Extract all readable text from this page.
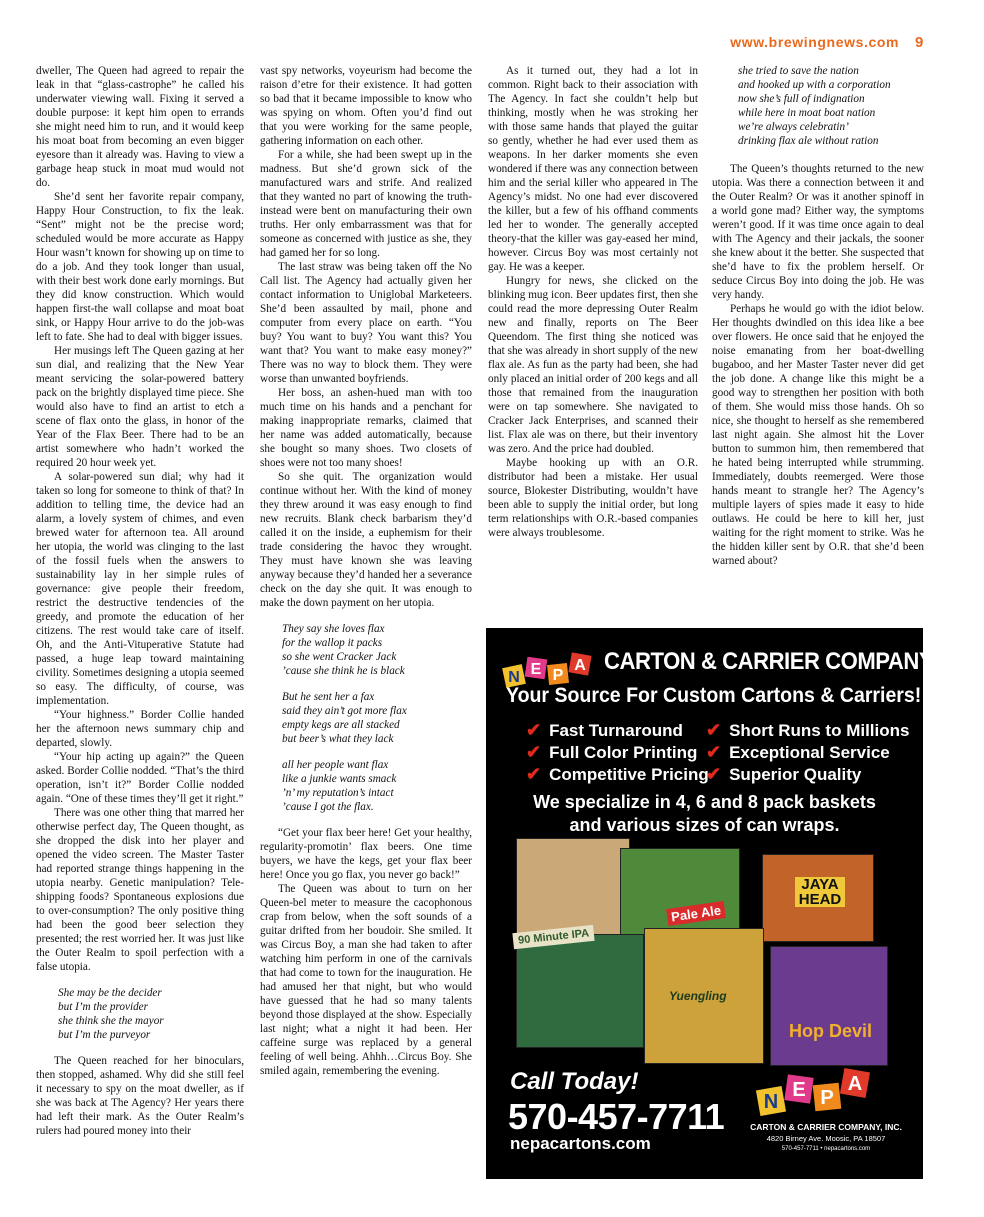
www.brewingnews.com 9

dweller, The Queen had agreed to repair the leak in that “glass-castrophe” he called his underwater viewing wall. Fixing it served a double purpose: it kept him open to errands she might need him to run, and it would keep his moat boat from becoming an even bigger eyesore than it already was. Having to view a garbage heap stuck in moat mud would not do.

She’d sent her favorite repair company, Happy Hour Construction, to fix the leak. “Sent” might not be the precise word; scheduled would be more accurate as Happy Hour wasn’t known for showing up on time to do a job. And they took longer than usual, with their best work done early mornings. But they did know construction. Which would happen first-the wall collapse and moat boat sink, or Happy Hour arrive to do the job-was left to fate. She had to deal with bigger issues.

Her musings left The Queen gazing at her sun dial, and realizing that the New Year meant servicing the solar-powered battery pack on the brightly displayed time piece. She would also have to find an artist to etch a scene of flax onto the glass, in honor of the Year of the Flax Beer. There had to be an artist somewhere who hadn’t worked the required 20 hour week yet.

A solar-powered sun dial; why had it taken so long for someone to think of that? In addition to telling time, the device had an alarm, a lovely system of chimes, and even brewed water for afternoon tea. All around her utopia, the world was clinging to the last of the fossil fuels when the answers to sustainability lay in her simple rules of governance: give people their freedom, restrict the destructive tendencies of the greedy, and promote the education of her citizens. The rest would take care of itself. Oh, and the Anti-Vituperative Statute had passed, a huge leap toward maintaining civility. Sometimes designing a utopia seemed so easy. The difficulty, of course, was implementation.

“Your highness.” Border Collie handed her the afternoon news summary chip and departed, slowly.

“Your hip acting up again?” the Queen asked. Border Collie nodded. “That’s the third operation, isn’t it?” Border Collie nodded again. “One of these times they’ll get it right.”

There was one other thing that marred her otherwise perfect day, The Queen thought, as she dropped the disk into her player and opened the video screen. The Master Taster had reported strange things happening in the utopia nearby. Genetic manipulation? Tele-shipping foods? Spontaneous explosions due to over-consumption? The only positive thing had been the good beer selection they presented; the rest worried her. It was just like the Outer Realm to spoil perfection with a false utopia.

She may be the decider
but I’m the provider
she think she the mayor
but I’m the purveyor

The Queen reached for her binoculars, then stopped, ashamed. Why did she still feel it necessary to spy on the moat dweller, as if she was back at The Agency? Her years there had left their mark. As the Outer Realm’s rulers had poured money into their

vast spy networks, voyeurism had become the raison d’etre for their existence. It had gotten so bad that it became impossible to know who was spying on whom. Often you’d find out that you were working for the same people, gathering information on each other.

For a while, she had been swept up in the madness. But she’d grown sick of the manufactured wars and strife. And realized that they wanted no part of knowing the truth-instead were bent on manufacturing their own truths. Her only embarrassment was that for someone as concerned with justice as she, they had gamed her for so long.

The last straw was being taken off the No Call list. The Agency had actually given her contact information to Uniglobal Marketeers. She’d been assaulted by mail, phone and computer from every place on earth. “You buy? You want to buy? You want this? You want that? You want to make easy money?” There was no way to block them. They were worse than unwanted boyfriends.

Her boss, an ashen-hued man with too much time on his hands and a penchant for making inappropriate remarks, claimed that her name was added automatically, because she bought so many shoes. Two closets of shoes were not too many shoes!

So she quit. The organization would continue without her. With the kind of money they threw around it was easy enough to find new recruits. Blank check barbarism they’d called it on the inside, a euphemism for their trade considering the havoc they wrought. They must have known she was leaving anyway because they’d handed her a severance check on the day she quit. It was enough to make the down payment on her utopia.

They say she loves flax
for the wallop it packs
so she went Cracker Jack
’cause she think he is black
But he sent her a fax
said they ain’t got more flax
empty kegs are all stacked
but beer’s what they lack
all her people want flax
like a junkie wants smack
’n’ my reputation’s intact
’cause I got the flax.

“Get your flax beer here! Get your healthy, regularity-promotin’ flax beers. One time buyers, we have the kegs, get your flax beer here! Once you go flax, you never go back!”

The Queen was about to turn on her Queen-bel meter to measure the cacophonous crap from below, when the soft sounds of a guitar drifted from her boudoir. She smiled. It was Circus Boy, a man she had taken to after watching him perform in one of the carnivals that had come to town for the inauguration. He had amused her that night, but who would have guessed that he had so many talents beyond those displayed at the show. Especially last night; what a night it had been. Her caffeine surge was replaced by a general feeling of well being. Ahhh…Circus Boy. She smiled again, remembering the evening.

As it turned out, they had a lot in common. Right back to their association with The Agency. In fact she couldn’t help but thinking, mostly when he was stroking her with those same hands that played the guitar so gently, whether he had ever used them as weapons. In her darker moments she even wondered if there was any connection between him and the serial killer who appeared in The Agency’s midst. No one had ever discovered the killer, but a few of his offhand comments led her to wonder. The generally accepted theory-that the killer was gay-eased her mind, however. Circus Boy was most certainly not gay. He was a keeper.

Hungry for news, she clicked on the blinking mug icon. Beer updates first, then she could read the more depressing Outer Realm new and finally, reports on The Beer Queendom. The first thing she noticed was that she was already in short supply of the new flax ale. As fun as the party had been, she had only placed an initial order of 200 kegs and all those that remained from the inauguration were on tap somewhere. She navigated to Cracker Jack Enterprises, and scanned their list. Flax ale was on there, but their inventory was zero. And the price had doubled.

Maybe hooking up with an O.R. distributor had been a mistake. Her usual source, Blokester Distributing, wouldn’t have been able to supply the initial order, but long term relationships with O.R.-based companies were always troublesome.

she tried to save the nation
and hooked up with a corporation
now she’s full of indignation
while here in moat boat nation
we’re always celebratin’
drinking flax ale without ration

The Queen’s thoughts returned to the new utopia. Was there a connection between it and the Outer Realm? Or was it another spinoff in a world gone mad? Either way, the symptoms weren’t good. If it was time once again to deal with The Agency and their jackals, the sooner she knew about it the better. She suspected that she’d have to fix the problem herself. Or seduce Circus Boy into doing the job. He was very handy.

Perhaps he would go with the idiot below. Her thoughts dwindled on this idea like a bee over flowers. He once said that he enjoyed the noise emanating from her boat-dwelling bugaboo, and her Master Taster never did get the job done. A change like this might be a good way to strengthen her position with both of them. She would miss those hands. Oh so nice, she thought to herself as she remembered last night again. She almost hit the Lover button to summon him, then remembered that he hated being interrupted while strumming. Immediately, doubts reemerged. Were those hands meant to strangle her? The Agency’s multiple layers of spies made it easy to hide outlaws. He could be here to kill her, just waiting for the right moment to strike. Was he the hidden killer sent by O.R. that she’d been warned about?

N E P
A CARTON & CARRIER COMPANY, INC.
Your Source For Custom Cartons & Carriers!
✔ Fast Turnaround
✔ Full Color Printing
✔ Competitive Pricing
✔ Short Runs to Millions
✔ Exceptional Service
✔ Superior Quality
We specialize in 4, 6 and 8 pack baskets
and various sizes of can wraps.
Pale Ale
JAYA HEAD
90 Minute IPA
Yuengling
Hop Devil
Call Today!
570-457-7711
nepacartons.com
N
E P
A
CARTON & CARRIER COMPANY, INC.
4820 Birney Ave. Moosic, PA 18507
570-457-7711 • nepacartons.com
